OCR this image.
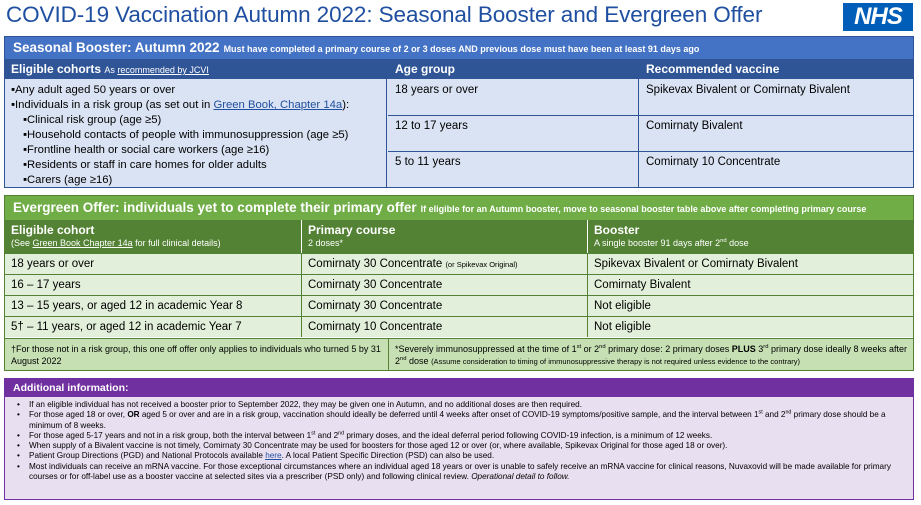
COVID-19 Vaccination Autumn 2022: Seasonal Booster and Evergreen Offer	NHS
Seasonal Booster: Autumn 2022 Must have completed a primary course of 2 or 3 doses AND previous dose must have been at least 91 days ago
Eligible cohorts As recommended by JCVI	Age group	Recommended vaccine
▪Any adult aged 50 years or over
▪Individuals in a risk group (as set out in Green Book, Chapter 14a):
▪Clinical risk group (age ≥5)
▪Household contacts of people with immunosuppression (age ≥5)
▪Frontline health or social care workers (age ≥16)
▪Residents or staff in care homes for older adults
▪Carers (age ≥16)
18 years or over	Spikevax Bivalent or Comirnaty Bivalent
12 to 17 years	Comirnaty Bivalent
5 to 11 years	Comirnaty 10 Concentrate
Evergreen Offer: individuals yet to complete their primary offer If eligible for an Autumn booster, move to seasonal booster table above after completing primary course
Eligible cohort
(See Green Book Chapter 14a for full clinical details)
Primary course
2 doses*
Booster
A single booster 91 days after 2nd dose
18 years or over	Comirnaty 30 Concentrate (or Spikevax Original)	Spikevax Bivalent or Comirnaty Bivalent
16 – 17 years	Comirnaty 30 Concentrate	Comirnaty Bivalent
13 – 15 years, or aged 12 in academic Year 8	Comirnaty 30 Concentrate	Not eligible
5† – 11 years, or aged 12 in academic Year 7	Comirnaty 10 Concentrate	Not eligible
†For those not in a risk group, this one off offer only applies to individuals who turned 5 by 31 August 2022
*Severely immunosuppressed at the time of 1st or 2nd primary dose: 2 primary doses PLUS 3rd primary dose ideally 8 weeks after 2nd dose (Assume consideration to timing of immunosuppressive therapy is not required unless evidence to the contrary)
Additional information:
• If an eligible individual has not received a booster prior to September 2022, they may be given one in Autumn, and no additional doses are then required.
• For those aged 18 or over, OR aged 5 or over and are in a risk group, vaccination should ideally be deferred until 4 weeks after onset of COVID-19 symptoms/positive sample, and the interval between 1st and 2nd primary dose should be a minimum of 8 weeks.
• For those aged 5-17 years and not in a risk group, both the interval between 1st and 2nd primary doses, and the ideal deferral period following COVID-19 infection, is a minimum of 12 weeks.
• When supply of a Bivalent vaccine is not timely, Comirnaty 30 Concentrate may be used for boosters for those aged 12 or over (or, where available, Spikevax Original for those aged 18 or over).
• Patient Group Directions (PGD) and National Protocols available here. A local Patient Specific Direction (PSD) can also be used.
• Most individuals can receive an mRNA vaccine. For those exceptional circumstances where an individual aged 18 years or over is unable to safely receive an mRNA vaccine for clinical reasons, Nuvaxovid will be made available for primary courses or for off-label use as a booster vaccine at selected sites via a prescriber (PSD only) and following clinical review. Operational detail to follow.
